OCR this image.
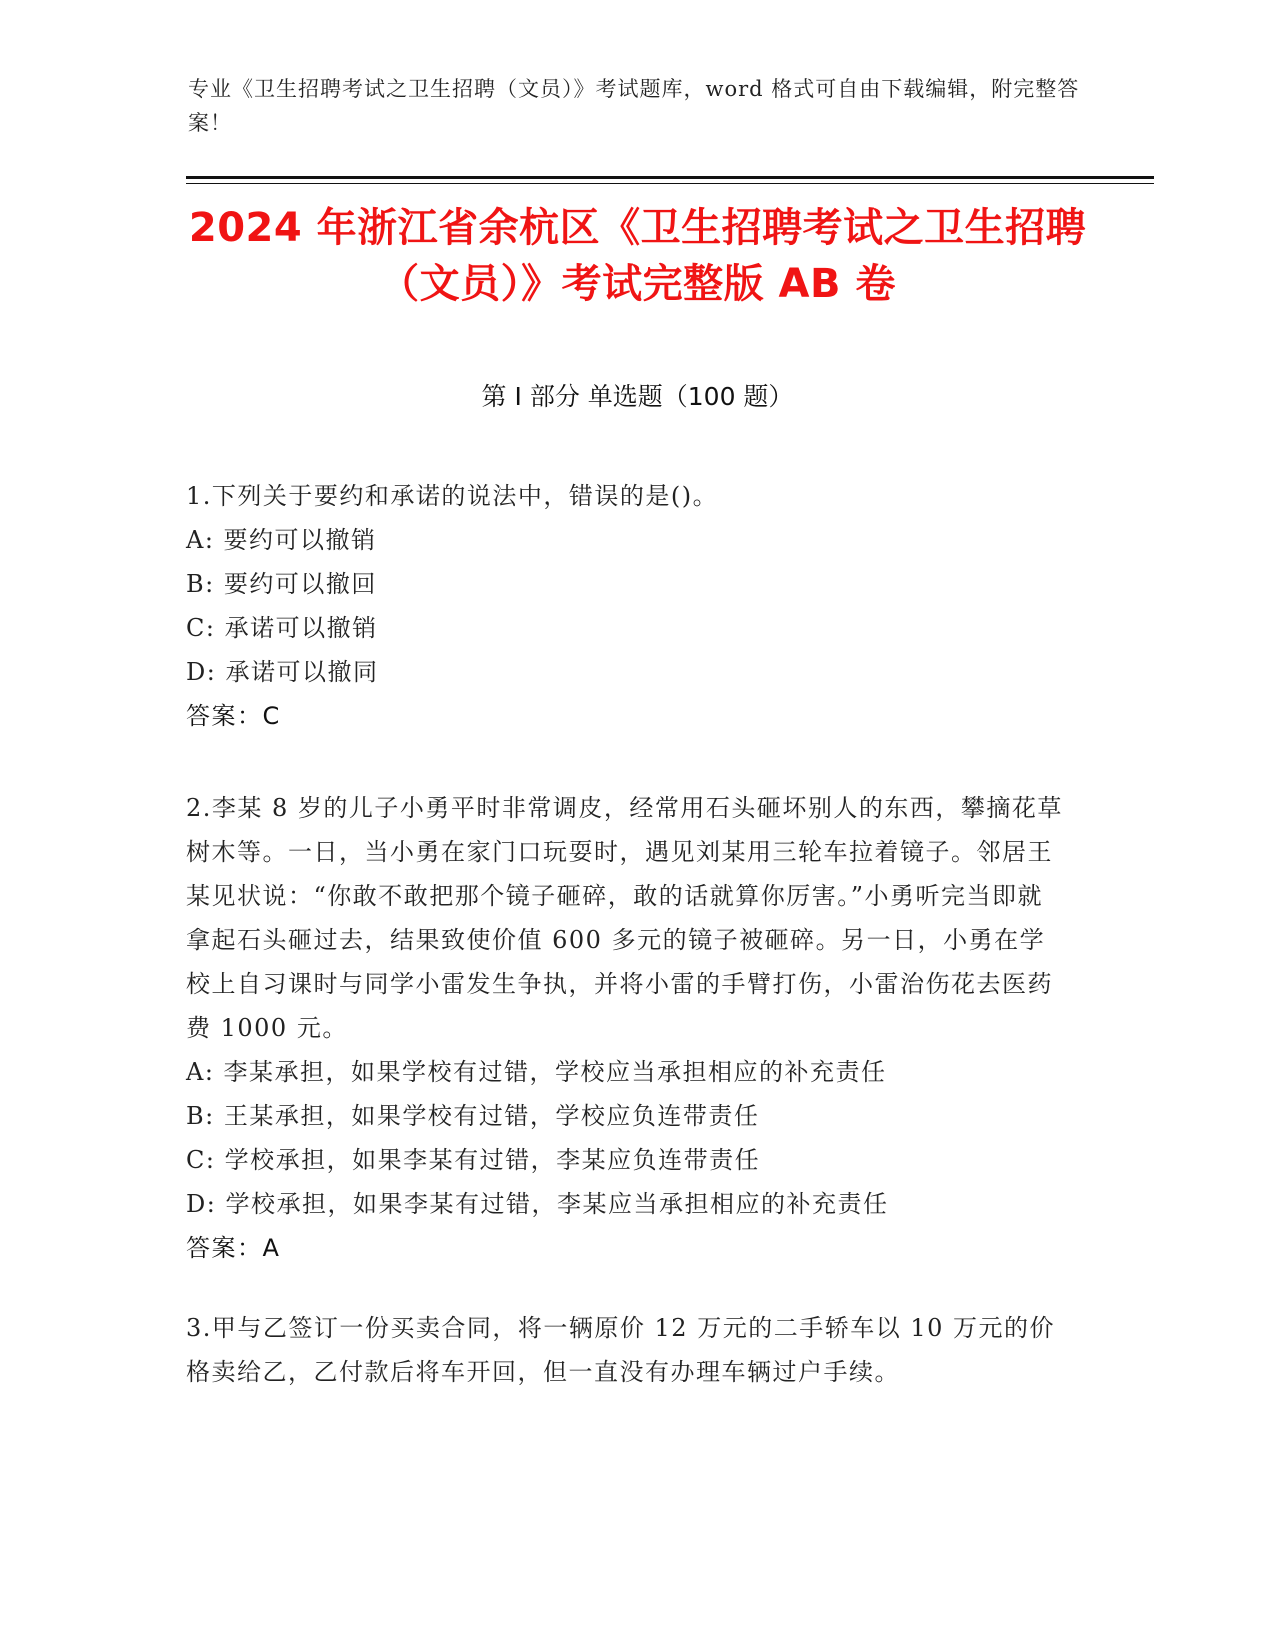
专业《卫生招聘考试之卫生招聘（文员）》考试题库，word 格式可自由下载编辑，附完整答案！
2024 年浙江省余杭区《卫生招聘考试之卫生招聘（文员）》考试完整版 AB 卷
第 I 部分 单选题（100 题）

1.下列关于要约和承诺的说法中，错误的是()。

A: 要约可以撤销

B: 要约可以撤回

C: 承诺可以撤销

D: 承诺可以撤同

答案：C

2.李某 8 岁的儿子小勇平时非常调皮，经常用石头砸坏别人的东西，攀摘花草树木等。一日，当小勇在家门口玩耍时，遇见刘某用三轮车拉着镜子。邻居王某见状说：“你敢不敢把那个镜子砸碎，敢的话就算你厉害。”小勇听完当即就拿起石头砸过去，结果致使价值 600 多元的镜子被砸碎。另一日，小勇在学校上自习课时与同学小雷发生争执，并将小雷的手臂打伤，小雷治伤花去医药费 1000 元。

A: 李某承担，如果学校有过错，学校应当承担相应的补充责任

B: 王某承担，如果学校有过错，学校应负连带责任

C: 学校承担，如果李某有过错，李某应负连带责任

D: 学校承担，如果李某有过错，李某应当承担相应的补充责任

答案：A

3.甲与乙签订一份买卖合同，将一辆原价 12 万元的二手轿车以 10 万元的价格卖给乙，乙付款后将车开回，但一直没有办理车辆过户手续。
